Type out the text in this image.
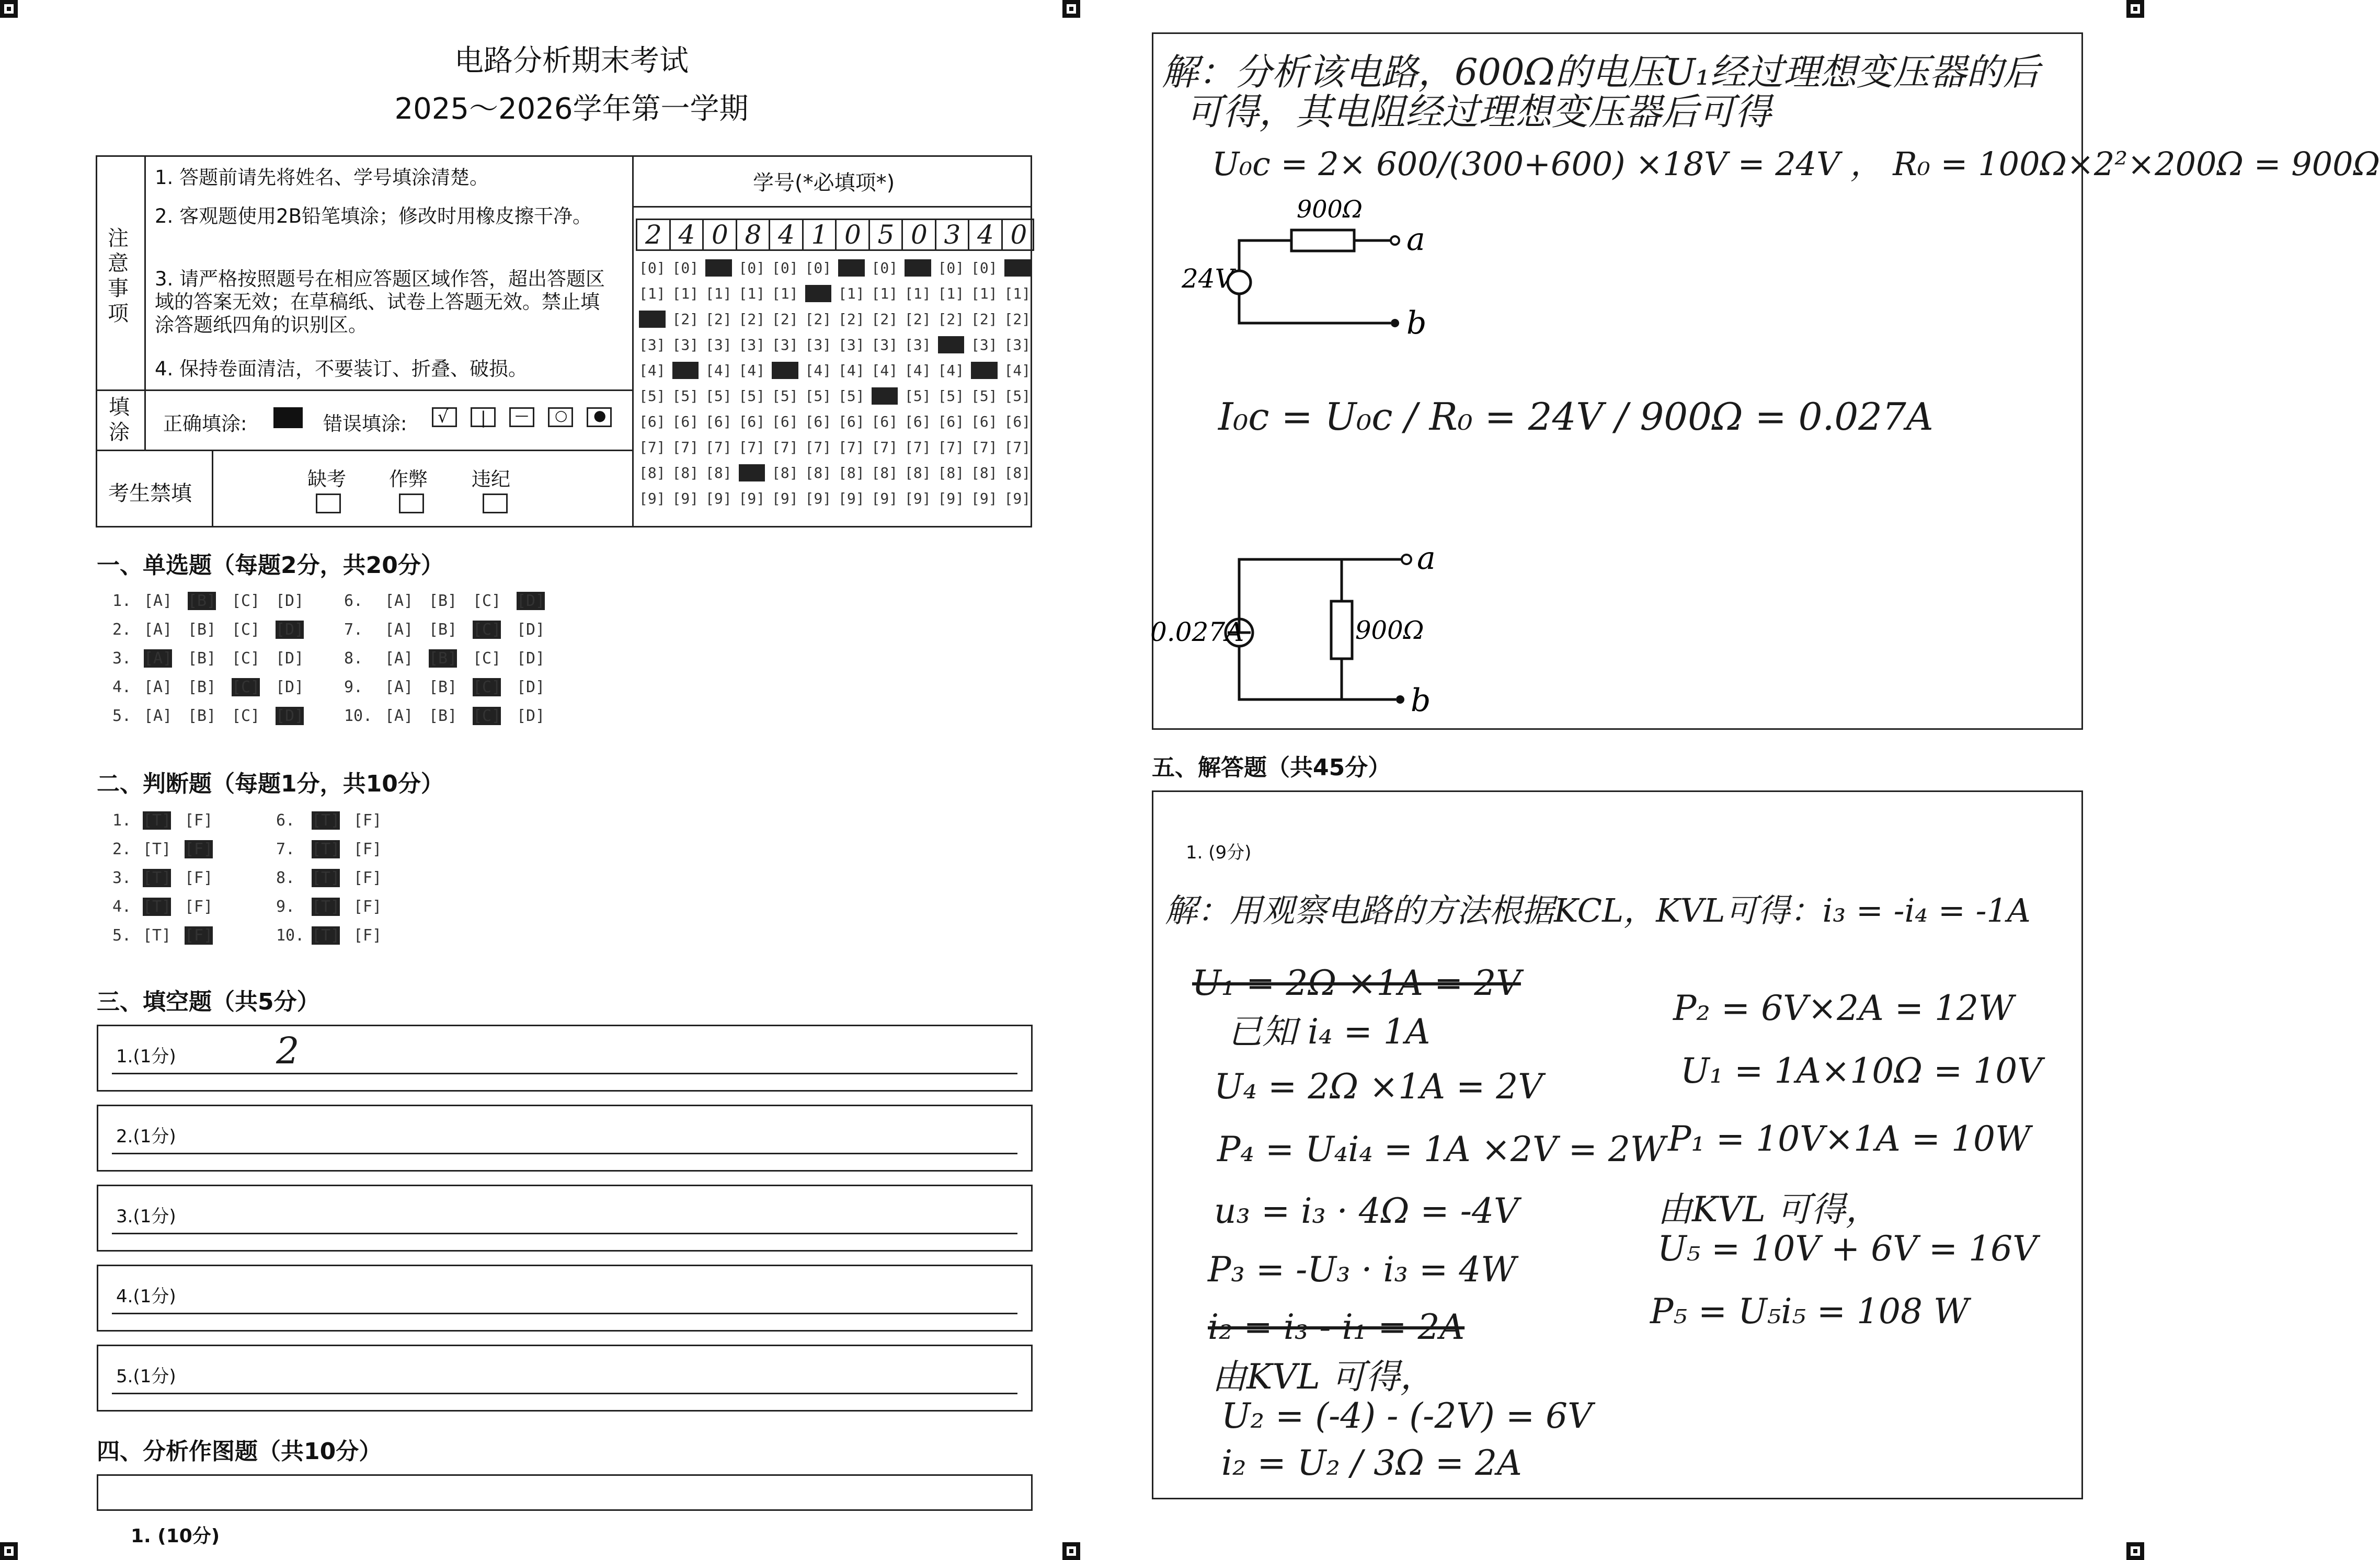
电路分析期末考试
2025～2026学年第一学期
注意事项
1. 答题前请先将姓名、学号填涂清楚。
2. 客观题使用2B铅笔填涂；修改时用橡皮擦干净。
3. 请严格按照题号在相应答题区域作答，超出答题区域的答案无效；在草稿纸、试卷上答题无效。禁止填涂答题纸四角的识别区。
4. 保持卷面清洁，不要装订、折叠、破损。
填涂 正确填涂:	错误填涂: √ | — ○ ●
考生禁填
缺考 作弊 违纪
学号(*必填项*)
2 4 0 8 4 1 0 5 0 3 4 0
[0]
[1]
[2]
[3]
[4]
[5]
[6]
[7]
[8]
[9]
[0]
[1]
[2]
[3]
[4]
[5]
[6]
[7]
[8]
[9]
[0]
[1]
[2]
[3]
[4]
[5]
[6]
[7]
[8]
[9]
[0]
[1]
[2]
[3]
[4]
[5]
[6]
[7]
[8]
[9]
[0]
[1]
[2]
[3]
[4]
[5]
[6]
[7]
[8]
[9]
[0]
[1]
[2]
[3]
[4]
[5]
[6]
[7]
[8]
[9]
[0]
[1]
[2]
[3]
[4]
[5]
[6]
[7]
[8]
[9]
[0]
[1]
[2]
[3]
[4]
[5]
[6]
[7]
[8]
[9]
[0]
[1]
[2]
[3]
[4]
[5]
[6]
[7]
[8]
[9]
[0]
[1]
[2]
[3]
[4]
[5]
[6]
[7]
[8]
[9]
[0]
[1]
[2]
[3]
[4]
[5]
[6]
[7]
[8]
[9]
[0]
[1]
[2]
[3]
[4]
[5]
[6]
[7]
[8]
[9]
一、单选题（每题2分，共20分）
1. [A] [B] [C] [D]
2. [A] [B] [C] [D]
3. [A] [B] [C] [D]
4. [A] [B] [C] [D]
5. [A] [B] [C] [D]
6. [A] [B] [C] [D]
7. [A] [B] [C] [D]
8. [A] [B] [C] [D]
9. [A] [B] [C] [D]
10. [A] [B] [C] [D]
二、判断题（每题1分，共10分）
1. [T] [F]
2. [T] [F]
3. [T] [F]
4. [T] [F]
5. [T] [F]
6. [T] [F]
7. [T] [F]
8. [T] [F]
9. [T] [F]
10. [T] [F]
三、填空题（共5分）
1.(1分)	2
2.(1分)
3.(1分)
4.(1分)
5.(1分)
四、分析作图题（共10分）
1. (10分)
解：分析该电路，600Ω的电压U₁经过理想变压器的后
可得，其电阻经过理想变压器后可得
U₀c = 2× 600/(300+600) ×18V = 24V ， R₀ = 100Ω×2²×200Ω = 900Ω
I₀c = U₀c / R₀ = 24V / 900Ω = 0.027A
900Ω
24V
a
b
900Ω
0.027A
a
b
五、解答题（共45分）
1. (9分)
解：用观察电路的方法根据KCL，KVL可得：i₃ = -i₄ = -1A
U₁ = 2Ω ×1A = 2V
已知 i₄ = 1A
U₄ = 2Ω ×1A = 2V
P₄ = U₄i₄ = 1A ×2V = 2W
u₃ = i₃ · 4Ω = -4V
P₃ = -U₃ · i₃ = 4W
i₂ = i₃ - i₁ = 2A
由KVL 可得，
U₂ = (-4) - (-2V) = 6V
i₂ = U₂ / 3Ω = 2A
P₂ = 6V×2A = 12W
U₁ = 1A×10Ω = 10V
P₁ = 10V×1A = 10W
由KVL 可得，
U₅ = 10V + 6V = 16V
P₅ = U₅i₅ = 108 W
